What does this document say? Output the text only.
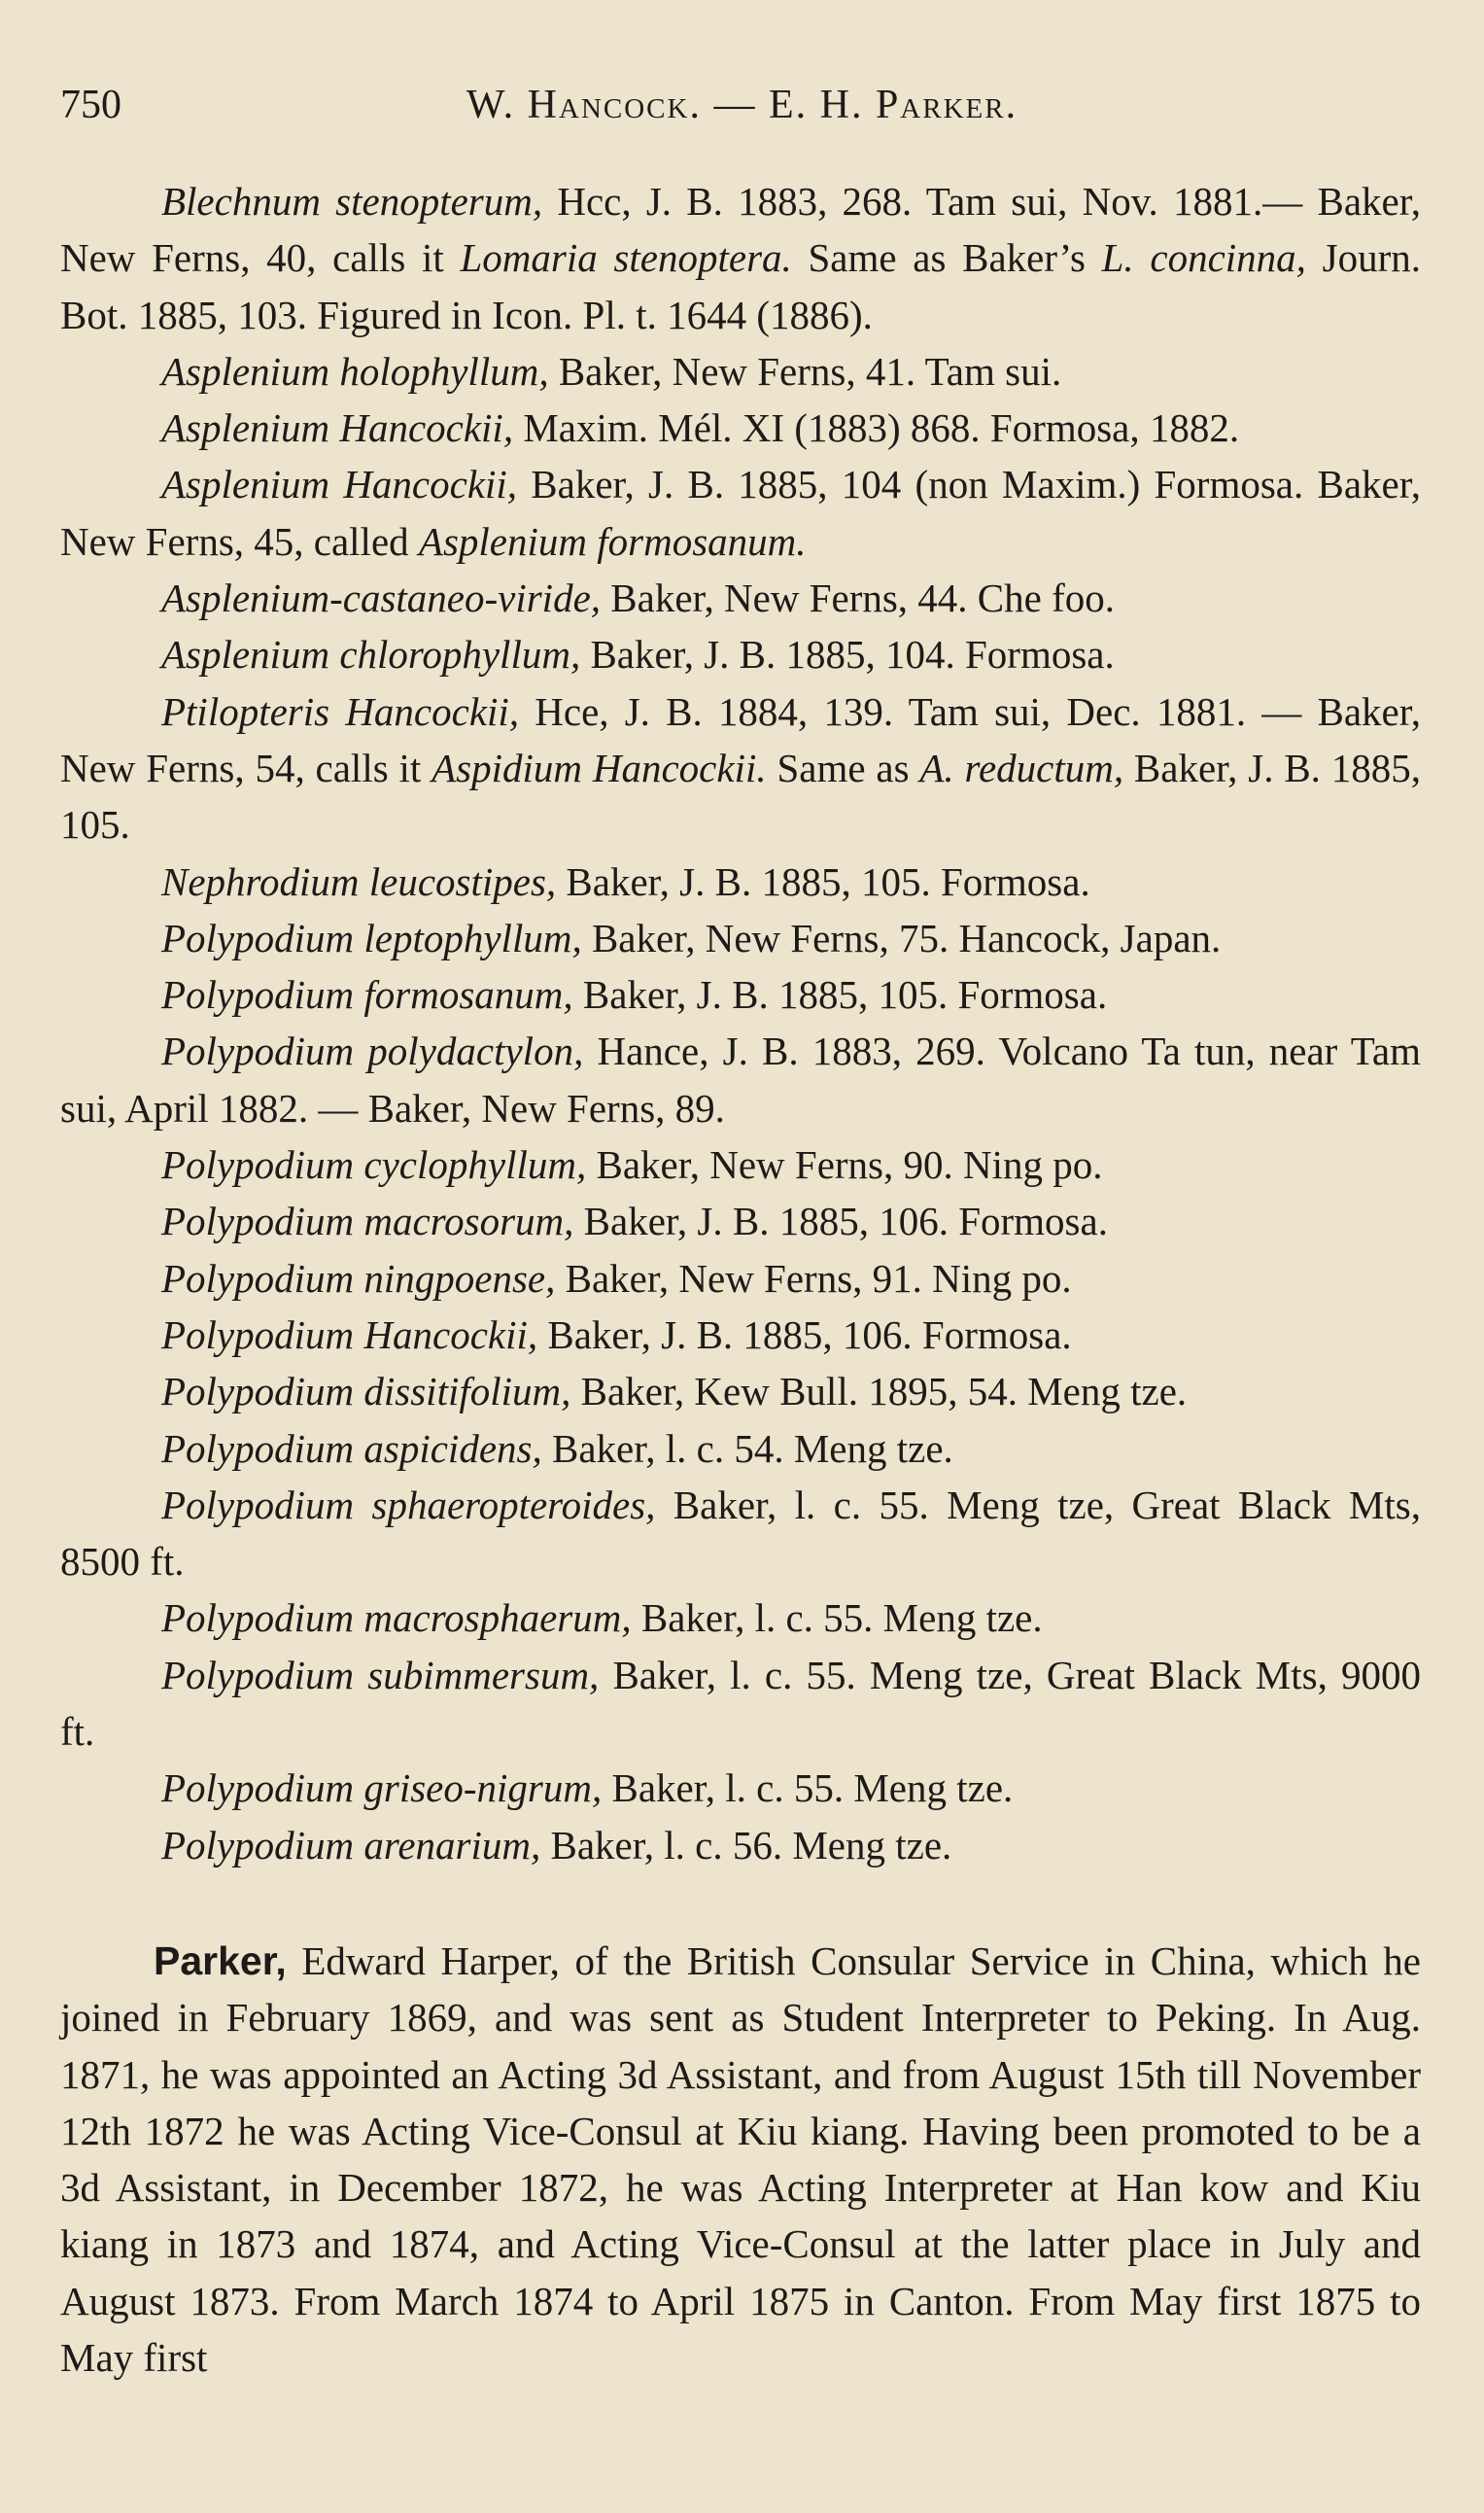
750	W. Hancock. — E. H. Parker.

Blechnum stenopterum, Hcc, J. B. 1883, 268. Tam sui, Nov. 1881.— Baker, New Ferns, 40, calls it Lomaria stenoptera. Same as Baker’s L. concinna, Journ. Bot. 1885, 103. Figured in Icon. Pl. t. 1644 (1886).

Asplenium holophyllum, Baker, New Ferns, 41. Tam sui.

Asplenium Hancockii, Maxim. Mél. XI (1883) 868. Formosa, 1882.

Asplenium Hancockii, Baker, J. B. 1885, 104 (non Maxim.) Formosa. Baker, New Ferns, 45, called Asplenium formosanum.

Asplenium-castaneo-viride, Baker, New Ferns, 44. Che foo.

Asplenium chlorophyllum, Baker, J. B. 1885, 104. Formosa.

Ptilopteris Hancockii, Hce, J. B. 1884, 139. Tam sui, Dec. 1881. — Baker, New Ferns, 54, calls it Aspidium Hancockii. Same as A. reductum, Baker, J. B. 1885, 105.

Nephrodium leucostipes, Baker, J. B. 1885, 105. Formosa.

Polypodium leptophyllum, Baker, New Ferns, 75. Hancock, Japan.

Polypodium formosanum, Baker, J. B. 1885, 105. Formosa.

Polypodium polydactylon, Hance, J. B. 1883, 269. Volcano Ta tun, near Tam sui, April 1882. — Baker, New Ferns, 89.

Polypodium cyclophyllum, Baker, New Ferns, 90. Ning po.

Polypodium macrosorum, Baker, J. B. 1885, 106. Formosa.

Polypodium ningpoense, Baker, New Ferns, 91. Ning po.

Polypodium Hancockii, Baker, J. B. 1885, 106. Formosa.

Polypodium dissitifolium, Baker, Kew Bull. 1895, 54. Meng tze.

Polypodium aspicidens, Baker, l. c. 54. Meng tze.

Polypodium sphaeropteroides, Baker, l. c. 55. Meng tze, Great Black Mts, 8500 ft.

Polypodium macrosphaerum, Baker, l. c. 55. Meng tze.

Polypodium subimmersum, Baker, l. c. 55. Meng tze, Great Black Mts, 9000 ft.

Polypodium griseo-nigrum, Baker, l. c. 55. Meng tze.

Polypodium arenarium, Baker, l. c. 56. Meng tze.

Parker, Edward Harper, of the British Consular Service in China, which he joined in February 1869, and was sent as Student Interpreter to Peking. In Aug. 1871, he was appointed an Acting 3d Assistant, and from August 15th till November 12th 1872 he was Acting Vice-Consul at Kiu kiang. Having been promoted to be a 3d Assistant, in December 1872, he was Acting Interpreter at Han kow and Kiu kiang in 1873 and 1874, and Acting Vice-Consul at the latter place in July and August 1873. From March 1874 to April 1875 in Canton. From May first 1875 to May first
